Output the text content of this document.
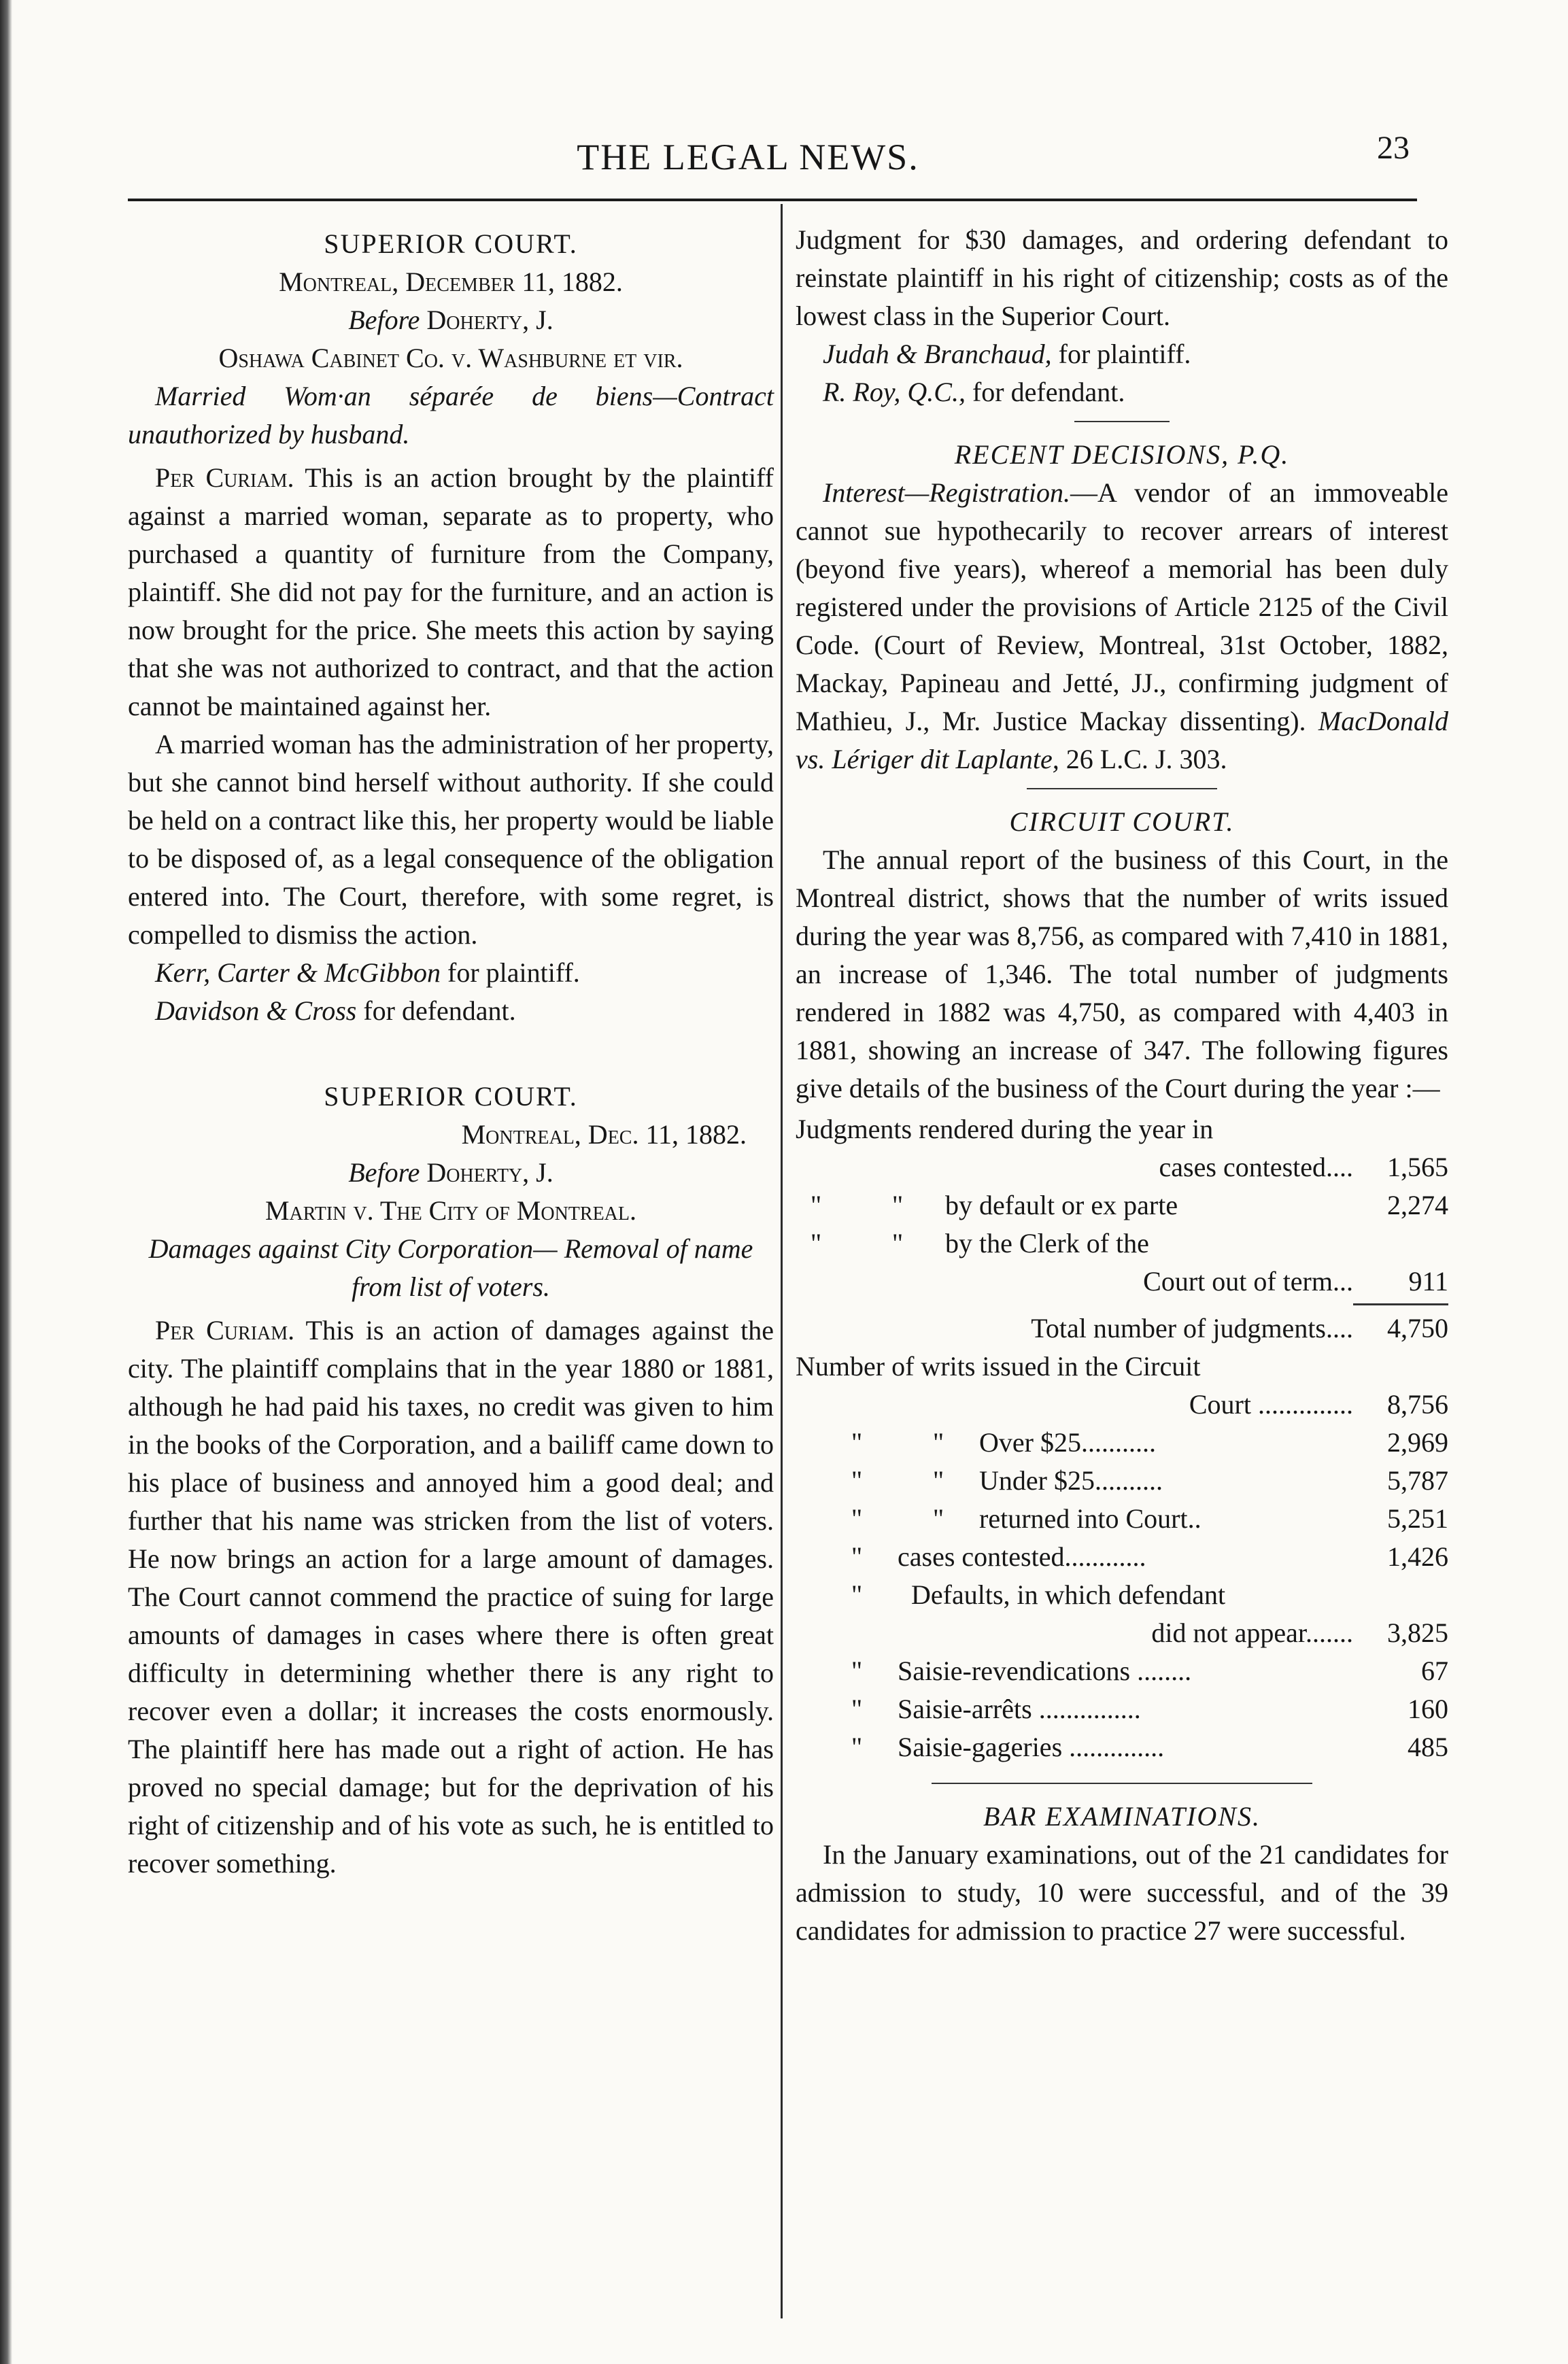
THE LEGAL NEWS.	23
SUPERIOR COURT.
Montreal, December 11, 1882.
Before Doherty, J.
Oshawa Cabinet Co. v. Washburne et vir.

Married Wom·an séparée de biens—Contract unauthorized by husband.

Per Curiam. This is an action brought by the plaintiff against a married woman, separate as to property, who purchased a quantity of furniture from the Company, plaintiff. She did not pay for the furniture, and an action is now brought for the price. She meets this action by saying that she was not authorized to contract, and that the action cannot be maintained against her.

A married woman has the administration of her property, but she cannot bind herself without authority. If she could be held on a contract like this, her property would be liable to be disposed of, as a legal consequence of the obligation entered into. The Court, therefore, with some regret, is compelled to dismiss the action.

Kerr, Carter & McGibbon for plaintiff.

Davidson & Cross for defendant.

SUPERIOR COURT.
Montreal, Dec. 11, 1882.
Before Doherty, J.
Martin v. The City of Montreal.

Damages against City Corporation— Removal of name from list of voters.

Per Curiam. This is an action of damages against the city. The plaintiff complains that in the year 1880 or 1881, although he had paid his taxes, no credit was given to him in the books of the Corporation, and a bailiff came down to his place of business and annoyed him a good deal; and further that his name was stricken from the list of voters. He now brings an action for a large amount of damages. The Court cannot commend the practice of suing for large amounts of damages in cases where there is often great difficulty in determining whether there is any right to recover even a dollar; it increases the costs enormously. The plaintiff here has made out a right of action. He has proved no special damage; but for the deprivation of his right of citizenship and of his vote as such, he is entitled to recover something.

Judgment for $30 damages, and ordering defendant to reinstate plaintiff in his right of citizenship; costs as of the lowest class in the Superior Court.

Judah & Branchaud, for plaintiff.

R. Roy, Q.C., for defendant.

RECENT DECISIONS, P.Q.

Interest—Registration.—A vendor of an immoveable cannot sue hypothecarily to recover arrears of interest (beyond five years), whereof a memorial has been duly registered under the provisions of Article 2125 of the Civil Code. (Court of Review, Montreal, 31st October, 1882, Mackay, Papineau and Jetté, JJ., confirming judgment of Mathieu, J., Mr. Justice Mackay dissenting). MacDonald vs. Lériger dit Laplante, 26 L.C. J. 303.

CIRCUIT COURT.

The annual report of the business of this Court, in the Montreal district, shows that the number of writs issued during the year was 8,756, as compared with 7,410 in 1881, an increase of 1,346. The total number of judgments rendered in 1882 was 4,750, as compared with 4,403 in 1881, showing an increase of 347. The following figures give details of the business of the Court during the year :—

Judgments rendered during the year in
cases contested....	1,565
"	"	by default or ex parte	2,274
"	"	by the Clerk of the
Court out of term...	911
Total number of judgments....	4,750
Number of writs issued in the Circuit
Court ..............	8,756
"	"	Over $25...........	2,969
"	"	Under $25..........	5,787
"	"	returned into Court..	5,251
"	cases contested............	1,426
"	Defaults, in which defendant
did not appear.......	3,825
"	Saisie-revendications ........	67
"	Saisie-arrêts ...............	160
"	Saisie-gageries ..............	485
BAR EXAMINATIONS.

In the January examinations, out of the 21 candidates for admission to study, 10 were successful, and of the 39 candidates for admission to practice 27 were successful.
